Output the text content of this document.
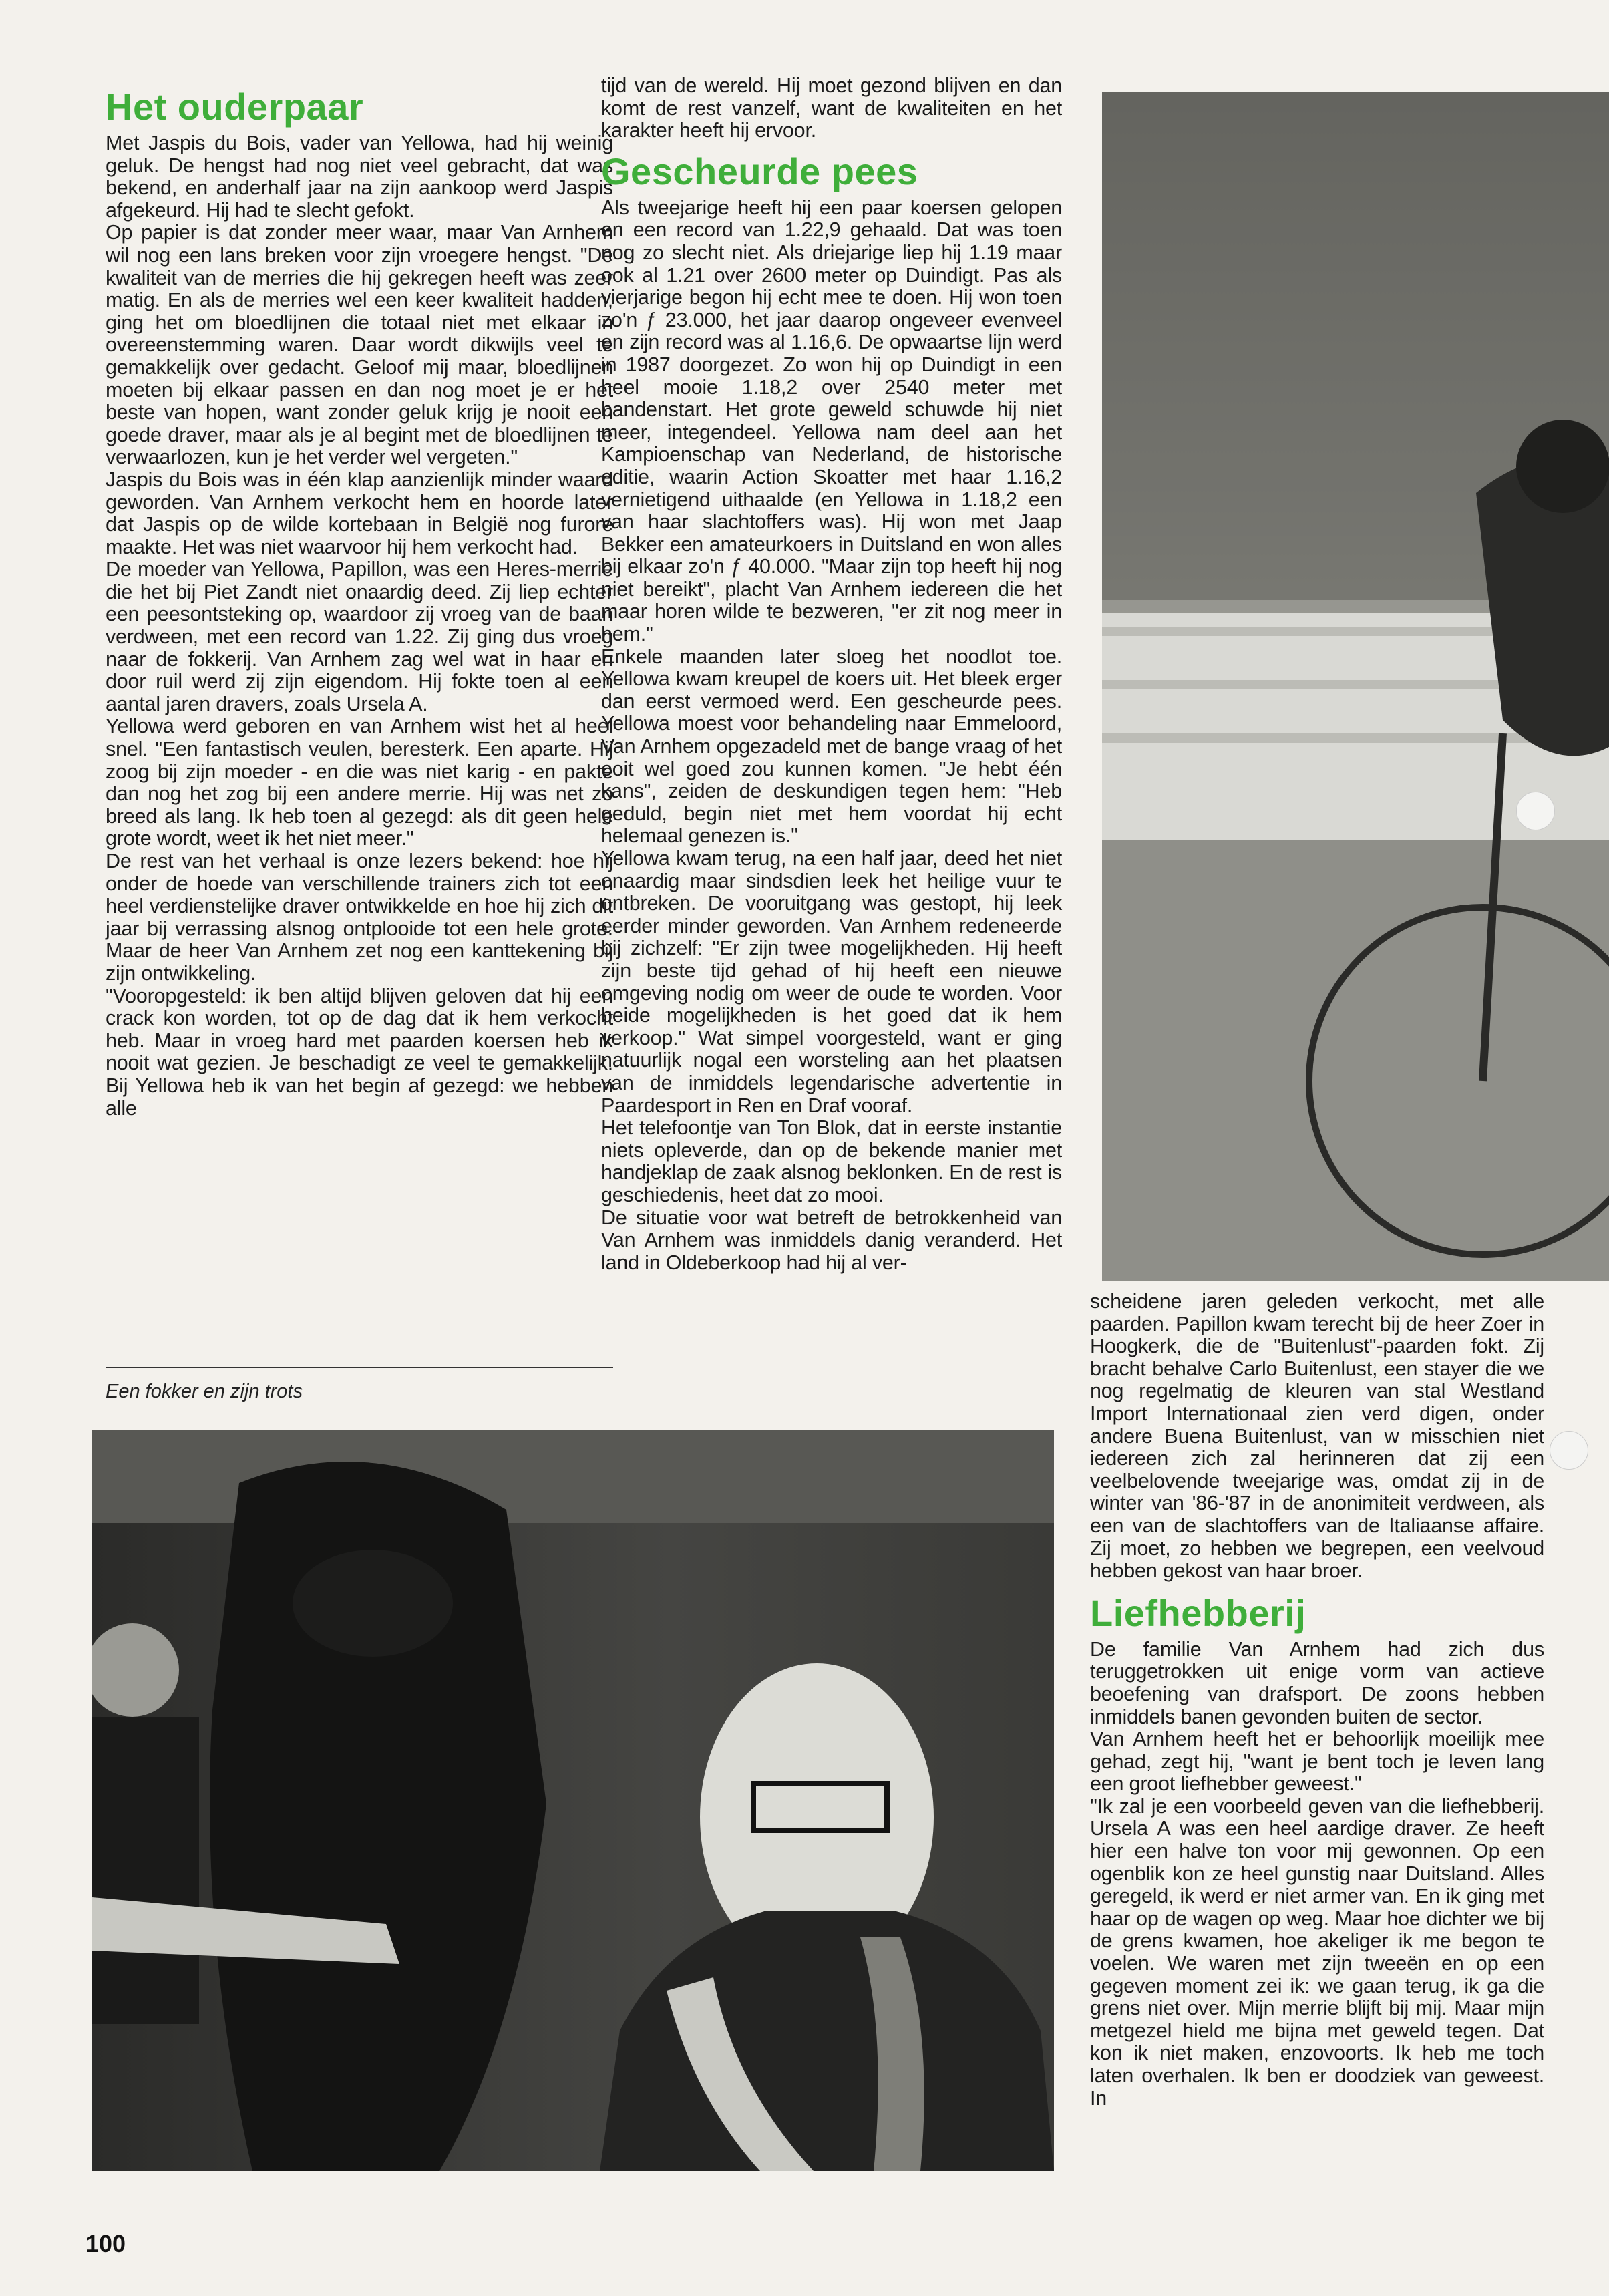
Het ouderpaar

Met Jaspis du Bois, vader van Yellowa, had hij weinig geluk. De hengst had nog niet veel gebracht, dat was bekend, en anderhalf jaar na zijn aankoop werd Jaspis afgekeurd. Hij had te slecht gefokt.

Op papier is dat zonder meer waar, maar Van Arnhem wil nog een lans breken voor zijn vroegere hengst. "De kwaliteit van de merries die hij gekregen heeft was zeer matig. En als de merries wel een keer kwaliteit hadden, ging het om bloedlijnen die totaal niet met elkaar in overeenstemming waren. Daar wordt dikwijls veel te gemakkelijk over gedacht. Geloof mij maar, bloedlijnen moeten bij elkaar passen en dan nog moet je er het beste van hopen, want zonder geluk krijg je nooit een goede draver, maar als je al begint met de bloedlijnen te verwaarlozen, kun je het verder wel vergeten."

Jaspis du Bois was in één klap aanzienlijk minder waard geworden. Van Arnhem verkocht hem en hoorde later dat Jaspis op de wilde kortebaan in België nog furore maakte. Het was niet waarvoor hij hem verkocht had.

De moeder van Yellowa, Papillon, was een Heres-merrie die het bij Piet Zandt niet onaardig deed. Zij liep echter een peesontsteking op, waardoor zij vroeg van de baan verdween, met een record van 1.22. Zij ging dus vroeg naar de fokkerij. Van Arnhem zag wel wat in haar en door ruil werd zij zijn eigendom. Hij fokte toen al een aantal jaren dravers, zoals Ursela A.

Yellowa werd geboren en van Arnhem wist het al heel snel. "Een fantastisch veulen, beresterk. Een aparte. Hij zoog bij zijn moeder - en die was niet karig - en pakte dan nog het zog bij een andere merrie. Hij was net zo breed als lang. Ik heb toen al gezegd: als dit geen hele grote wordt, weet ik het niet meer."

De rest van het verhaal is onze lezers bekend: hoe hij onder de hoede van verschillende trainers zich tot een heel verdienstelijke draver ontwikkelde en hoe hij zich dit jaar bij verrassing alsnog ontplooide tot een hele grote. Maar de heer Van Arnhem zet nog een kanttekening bij zijn ontwikkeling.

"Vooropgesteld: ik ben altijd blijven geloven dat hij een crack kon worden, tot op de dag dat ik hem verkocht heb. Maar in vroeg hard met paarden koersen heb ik nooit wat gezien. Je beschadigt ze veel te gemakkelijk. Bij Yellowa heb ik van het begin af gezegd: we hebben alle

Een fokker en zijn trots

tijd van de wereld. Hij moet gezond blijven en dan komt de rest vanzelf, want de kwaliteiten en het karakter heeft hij ervoor.

Gescheurde pees

Als tweejarige heeft hij een paar koersen gelopen en een record van 1.22,9 gehaald. Dat was toen nog zo slecht niet. Als driejarige liep hij 1.19 maar ook al 1.21 over 2600 meter op Duindigt. Pas als vierjarige begon hij echt mee te doen. Hij won toen zo'n ƒ 23.000, het jaar daarop ongeveer evenveel en zijn record was al 1.16,6. De opwaartse lijn werd in 1987 doorgezet. Zo won hij op Duindigt in een heel mooie 1.18,2 over 2540 meter met bandenstart. Het grote geweld schuwde hij niet meer, integendeel. Yellowa nam deel aan het Kampioenschap van Nederland, de historische editie, waarin Action Skoatter met haar 1.16,2 vernietigend uithaalde (en Yellowa in 1.18,2 een van haar slachtoffers was). Hij won met Jaap Bekker een amateurkoers in Duitsland en won alles bij elkaar zo'n ƒ 40.000. "Maar zijn top heeft hij nog niet bereikt", placht Van Arnhem iedereen die het maar horen wilde te bezweren, "er zit nog meer in hem."

Enkele maanden later sloeg het noodlot toe. Yellowa kwam kreupel de koers uit. Het bleek erger dan eerst vermoed werd. Een gescheurde pees. Yellowa moest voor behandeling naar Emmeloord, Van Arnhem opgezadeld met de bange vraag of het ooit wel goed zou kunnen komen. "Je hebt één kans", zeiden de deskundigen tegen hem: "Heb geduld, begin niet met hem voordat hij echt helemaal genezen is."

Yellowa kwam terug, na een half jaar, deed het niet onaardig maar sindsdien leek het heilige vuur te ontbreken. De vooruitgang was gestopt, hij leek eerder minder geworden. Van Arnhem redeneerde bij zichzelf: "Er zijn twee mogelijkheden. Hij heeft zijn beste tijd gehad of hij heeft een nieuwe omgeving nodig om weer de oude te worden. Voor beide mogelijkheden is het goed dat ik hem verkoop." Wat simpel voorgesteld, want er ging natuurlijk nogal een worsteling aan het plaatsen van de inmiddels legendarische advertentie in Paardesport in Ren en Draf vooraf.

Het telefoontje van Ton Blok, dat in eerste instantie niets opleverde, dan op de bekende manier met handjeklap de zaak alsnog beklonken. En de rest is geschiedenis, heet dat zo mooi.

De situatie voor wat betreft de betrokkenheid van Van Arnhem was inmiddels danig veranderd. Het land in Oldeberkoop had hij al ver-

scheidene jaren geleden verkocht, met alle paarden. Papillon kwam terecht bij de heer Zoer in Hoogkerk, die de "Buitenlust"-paarden fokt. Zij bracht behalve Carlo Buitenlust, een stayer die we nog regelmatig de kleuren van stal Westland Import Internationaal zien verd digen, onder andere Buena Buitenlust, van w misschien niet iedereen zich zal herinneren dat zij een veelbelovende tweejarige was, omdat zij in de winter van '86-'87 in de anonimiteit verdween, als een van de slachtoffers van de Italiaanse affaire. Zij moet, zo hebben we begrepen, een veelvoud hebben gekost van haar broer.

Liefhebberij

De familie Van Arnhem had zich dus teruggetrokken uit enige vorm van actieve beoefening van drafsport. De zoons hebben inmiddels banen gevonden buiten de sector.

Van Arnhem heeft het er behoorlijk moeilijk mee gehad, zegt hij, "want je bent toch je leven lang een groot liefhebber geweest."

"Ik zal je een voorbeeld geven van die liefhebberij. Ursela A was een heel aardige draver. Ze heeft hier een halve ton voor mij gewonnen. Op een ogenblik kon ze heel gunstig naar Duitsland. Alles geregeld, ik werd er niet armer van. En ik ging met haar op de wagen op weg. Maar hoe dichter we bij de grens kwamen, hoe akeliger ik me begon te voelen. We waren met zijn tweeën en op een gegeven moment zei ik: we gaan terug, ik ga die grens niet over. Mijn merrie blijft bij mij. Maar mijn metgezel hield me bijna met geweld tegen. Dat kon ik niet maken, enzovoorts. Ik heb me toch laten overhalen. Ik ben er doodziek van geweest. In

100
